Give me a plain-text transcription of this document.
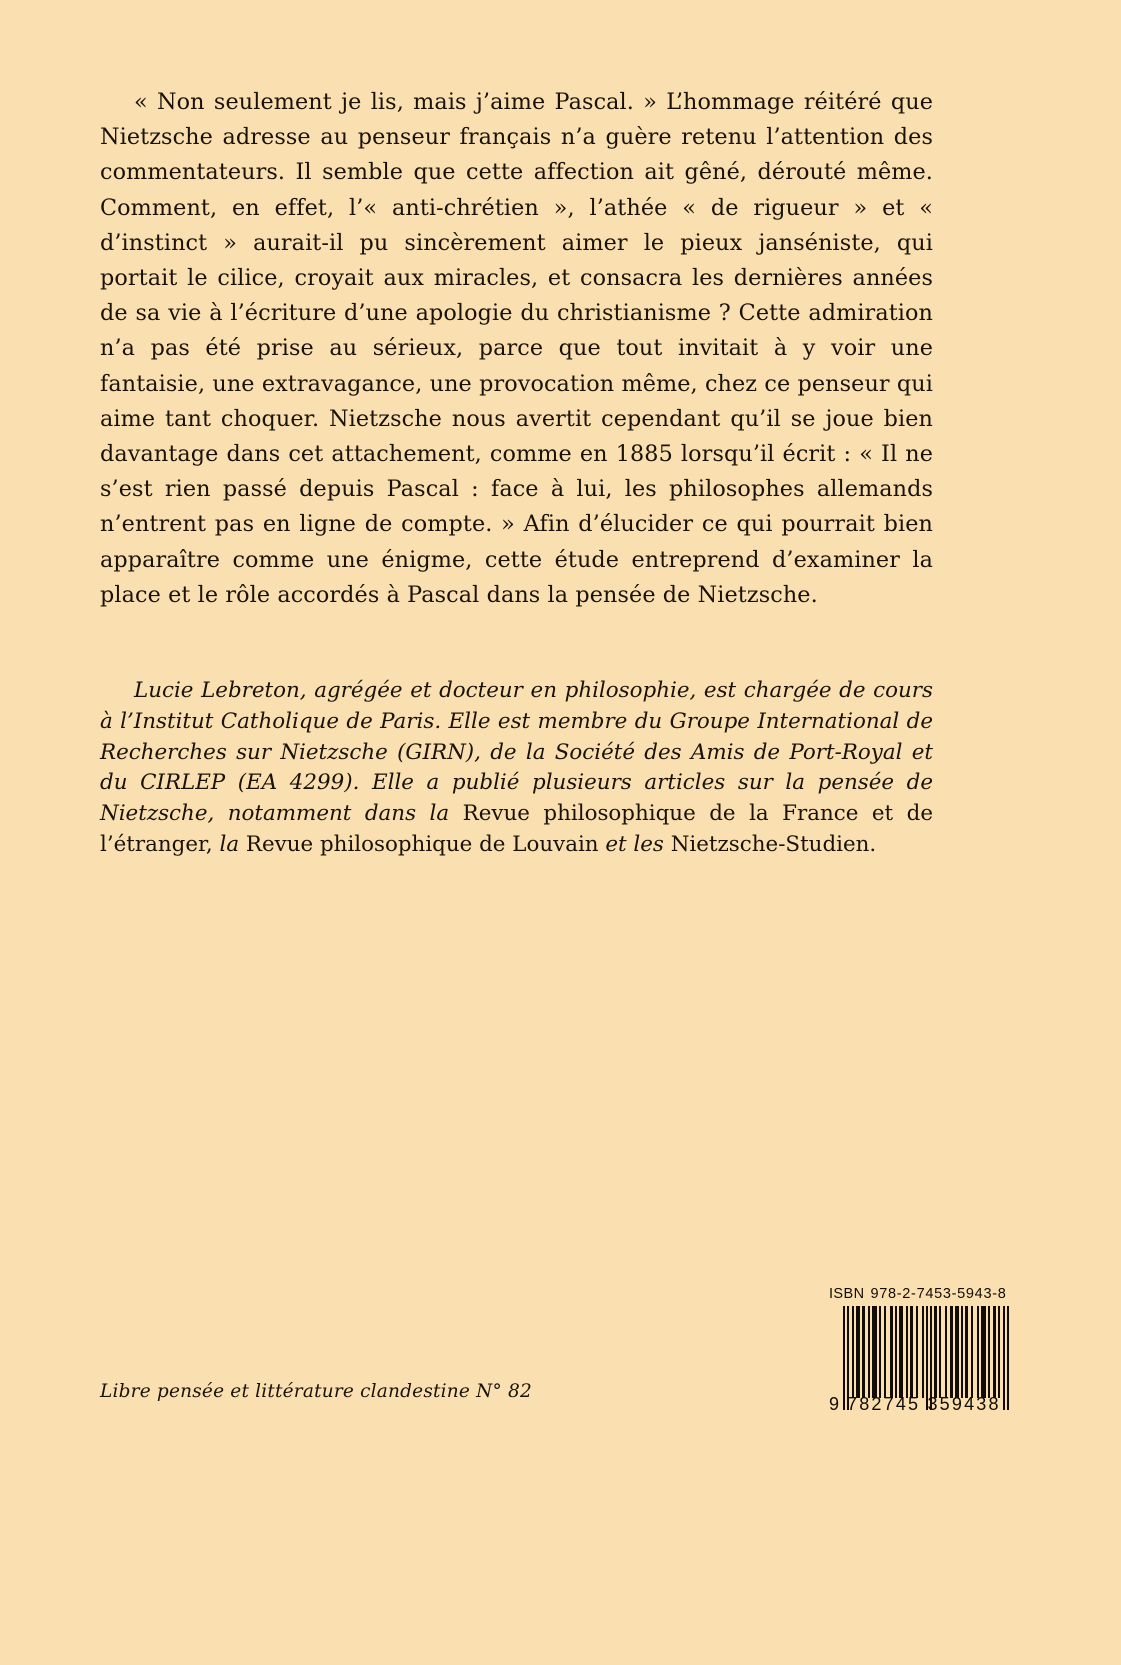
« Non seulement je lis, mais j’aime Pascal. » L’hommage réitéré que Nietzsche adresse au penseur français n’a guère retenu l’attention des commentateurs. Il semble que cette affection ait gêné, dérouté même. Comment, en effet, l’« anti-chrétien », l’athée « de rigueur » et « d’instinct » aurait-il pu sincèrement aimer le pieux janséniste, qui portait le cilice, croyait aux miracles, et consacra les dernières années de sa vie à l’écriture d’une apologie du christianisme ? Cette admiration n’a pas été prise au sérieux, parce que tout invitait à y voir une fantaisie, une extravagance, une provocation même, chez ce penseur qui aime tant choquer. Nietzsche nous avertit cependant qu’il se joue bien davantage dans cet attachement, comme en 1885 lorsqu’il écrit : « Il ne s’est rien passé depuis Pascal : face à lui, les philosophes allemands n’entrent pas en ligne de compte. » Afin d’élucider ce qui pourrait bien apparaître comme une énigme, cette étude entreprend d’examiner la place et le rôle accordés à Pascal dans la pensée de Nietzsche.
Lucie Lebreton, agrégée et docteur en philosophie, est chargée de cours à l’Institut Catholique de Paris. Elle est membre du Groupe International de Recherches sur Nietzsche (GIRN), de la Société des Amis de Port-Royal et du CIRLEP (EA 4299). Elle a publié plusieurs articles sur la pensée de Nietzsche, notamment dans la Revue philosophique de la France et de l’étranger, la Revue philosophique de Louvain et les Nietzsche-Studien.
Libre pensée et littérature clandestine N° 82
ISBN 978-2-7453-5943-8
9 782745 359438
